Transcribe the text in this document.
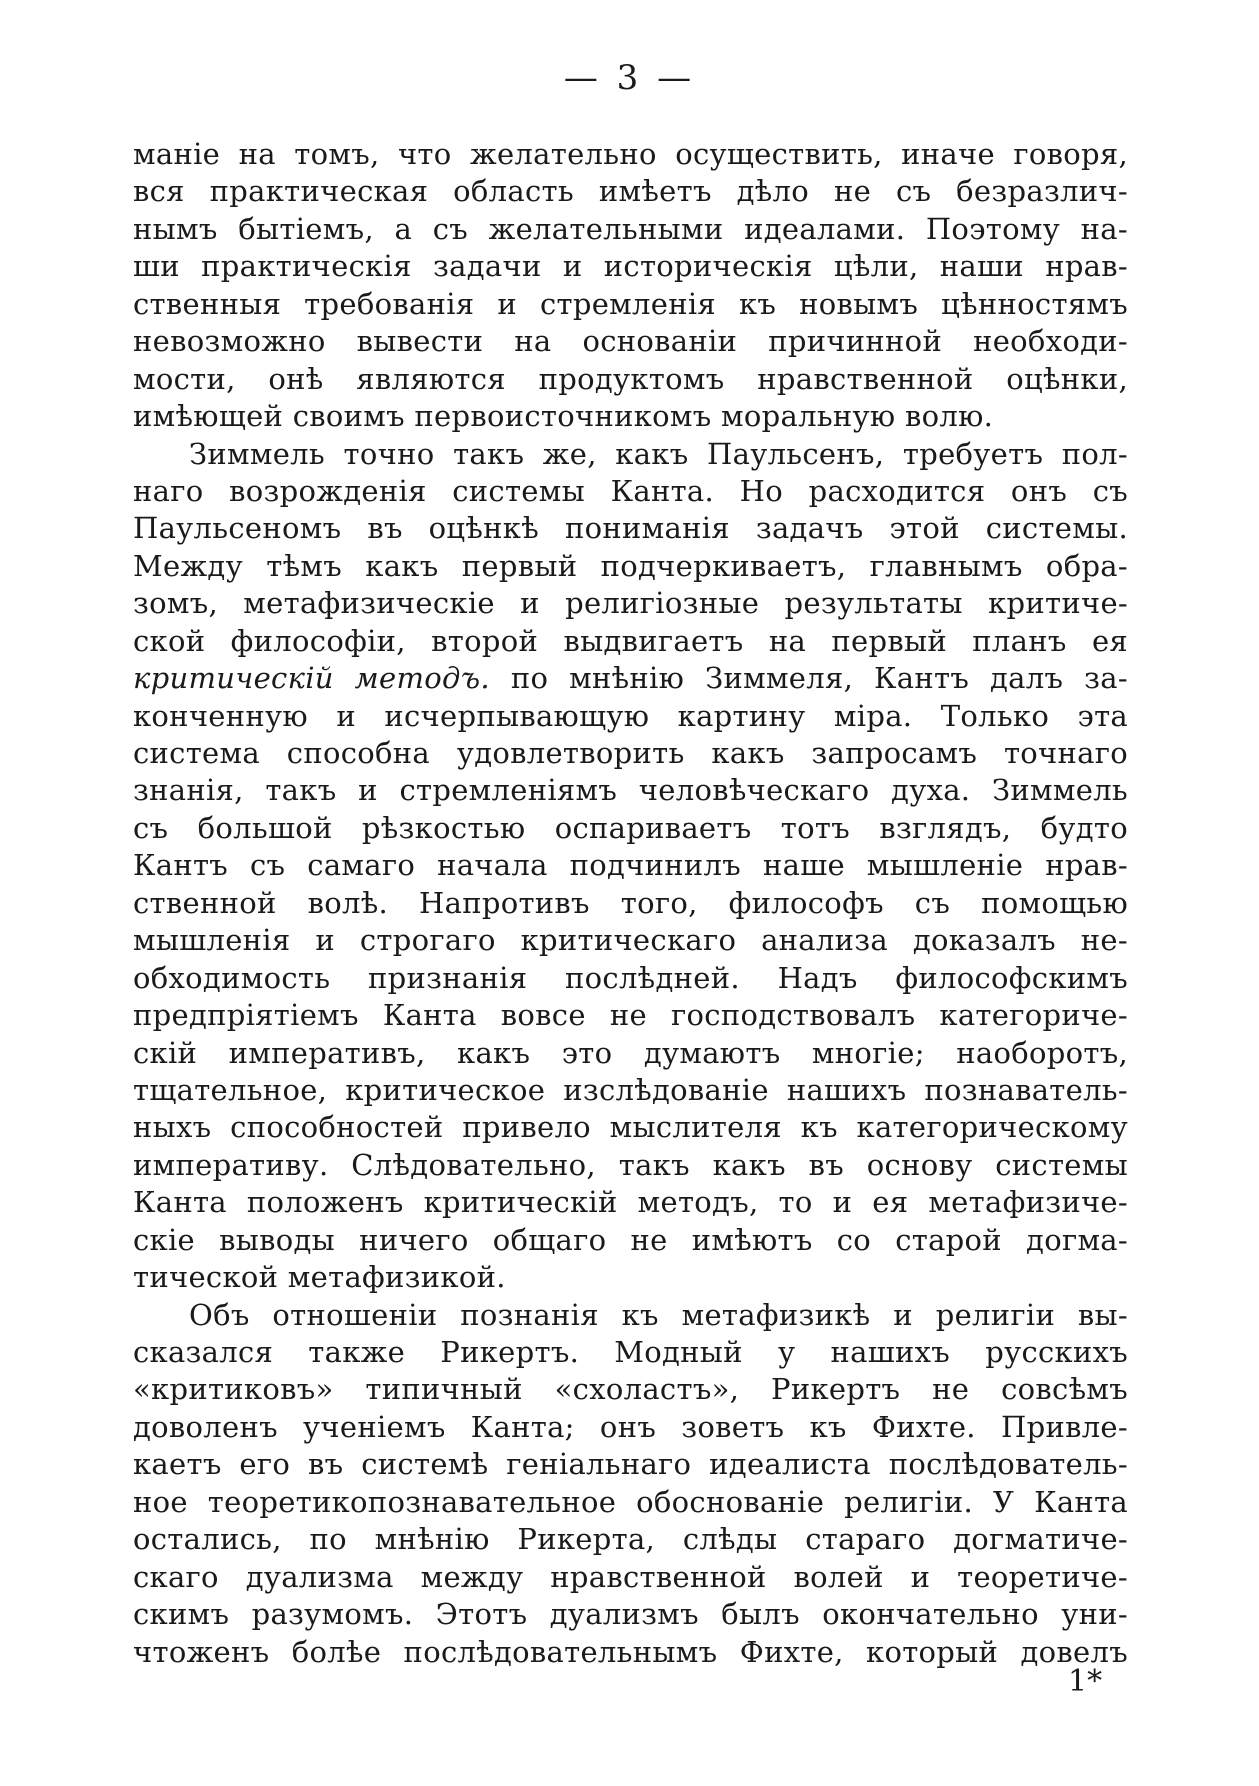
— 3 —
маніе на томъ, что желательно осуществить, иначе говоря,
вся практическая область имѣетъ дѣло не съ безразлич-
нымъ бытіемъ, а съ желательными идеалами. Поэтому на-
ши практическія задачи и историческія цѣли, наши нрав-
ственныя требованія и стремленія къ новымъ цѣнностямъ
невозможно вывести на основаніи причинной необходи-
мости, онѣ являются продуктомъ нравственной оцѣнки,
имѣющей своимъ первоисточникомъ моральную волю.
Зиммель точно такъ же, какъ Паульсенъ, требуетъ пол-
наго возрожденія системы Канта. Но расходится онъ съ
Паульсеномъ въ оцѣнкѣ пониманія задачъ этой системы.
Между тѣмъ какъ первый подчеркиваетъ, главнымъ обра-
зомъ, метафизическіе и религіозные результаты критиче-
ской философіи, второй выдвигаетъ на первый планъ ея
критическій методъ. по мнѣнію Зиммеля, Кантъ далъ за-
конченную и исчерпывающую картину міра. Только эта
система способна удовлетворить какъ запросамъ точнаго
знанія, такъ и стремленіямъ человѣческаго духа. Зиммель
съ большой рѣзкостью оспариваетъ тотъ взглядъ, будто
Кантъ съ самаго начала подчинилъ наше мышленіе нрав-
ственной волѣ. Напротивъ того, философъ съ помощью
мышленія и строгаго критическаго анализа доказалъ не-
обходимость признанія послѣдней. Надъ философскимъ
предпріятіемъ Канта вовсе не господствовалъ категориче-
скій императивъ, какъ это думаютъ многіе; наоборотъ,
тщательное, критическое изслѣдованіе нашихъ познаватель-
ныхъ способностей привело мыслителя къ категорическому
императиву. Слѣдовательно, такъ какъ въ основу системы
Канта положенъ критическій методъ, то и ея метафизиче-
скіе выводы ничего общаго не имѣютъ со старой догма-
тической метафизикой.
Объ отношеніи познанія къ метафизикѣ и религіи вы-
сказался также Рикертъ. Модный у нашихъ русскихъ
«критиковъ» типичный «схоластъ», Рикертъ не совсѣмъ
доволенъ ученіемъ Канта; онъ зоветъ къ Фихте. Привле-
каетъ его въ системѣ геніальнаго идеалиста послѣдователь-
ное теоретикопознавательное обоснованіе религіи. У Канта
остались, по мнѣнію Рикерта, слѣды стараго догматиче-
скаго дуализма между нравственной волей и теоретиче-
скимъ разумомъ. Этотъ дуализмъ былъ окончательно уни-
чтоженъ болѣе послѣдовательнымъ Фихте, который довелъ
1*
